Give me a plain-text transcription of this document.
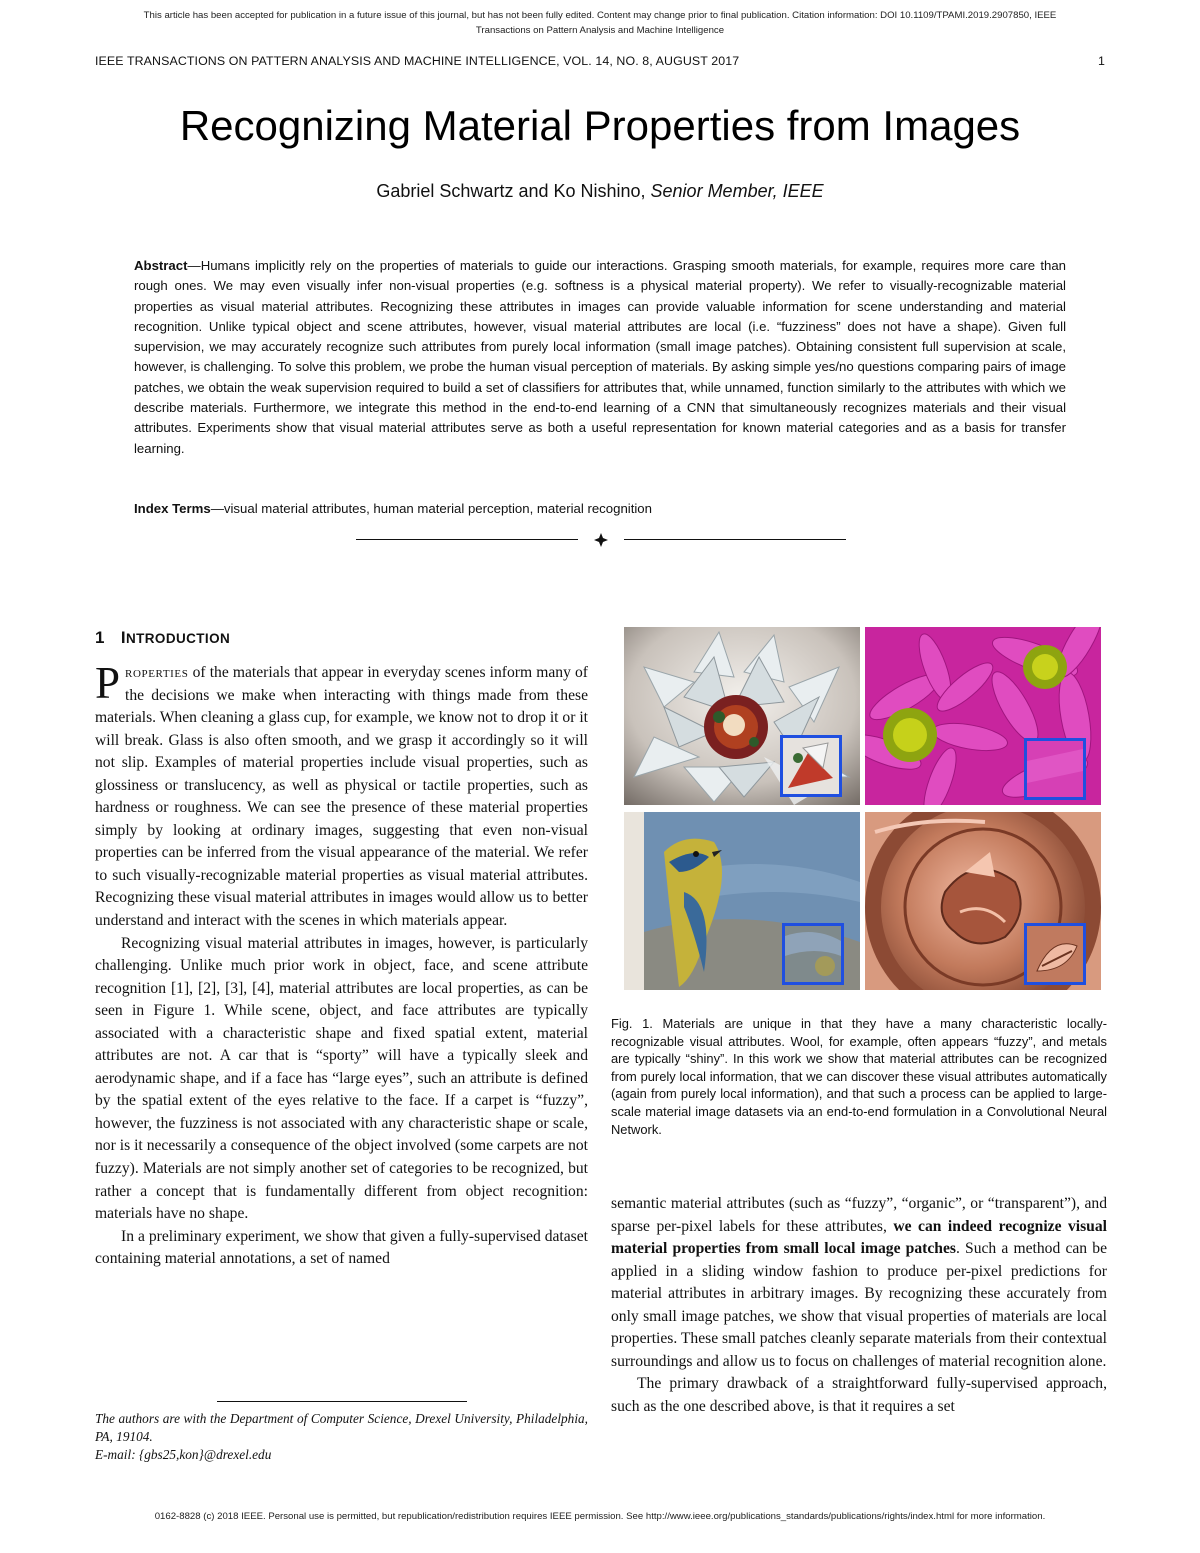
This article has been accepted for publication in a future issue of this journal, but has not been fully edited. Content may change prior to final publication. Citation information: DOI 10.1109/TPAMI.2019.2907850, IEEE
Transactions on Pattern Analysis and Machine Intelligence
IEEE TRANSACTIONS ON PATTERN ANALYSIS AND MACHINE INTELLIGENCE, VOL. 14, NO. 8, AUGUST 2017	1
Recognizing Material Properties from Images
Gabriel Schwartz and Ko Nishino, Senior Member, IEEE
Abstract—Humans implicitly rely on the properties of materials to guide our interactions. Grasping smooth materials, for example, requires more care than rough ones. We may even visually infer non-visual properties (e.g. softness is a physical material property). We refer to visually-recognizable material properties as visual material attributes. Recognizing these attributes in images can provide valuable information for scene understanding and material recognition. Unlike typical object and scene attributes, however, visual material attributes are local (i.e. “fuzziness” does not have a shape). Given full supervision, we may accurately recognize such attributes from purely local information (small image patches). Obtaining consistent full supervision at scale, however, is challenging. To solve this problem, we probe the human visual perception of materials. By asking simple yes/no questions comparing pairs of image patches, we obtain the weak supervision required to build a set of classifiers for attributes that, while unnamed, function similarly to the attributes with which we describe materials. Furthermore, we integrate this method in the end-to-end learning of a CNN that simultaneously recognizes materials and their visual attributes. Experiments show that visual material attributes serve as both a useful representation for known material categories and as a basis for transfer learning.
Index Terms—visual material attributes, human material perception, material recognition
1 INTRODUCTION

Properties of the materials that appear in everyday scenes inform many of the decisions we make when interacting with things made from these materials. When cleaning a glass cup, for example, we know not to drop it or it will break. Glass is also often smooth, and we grasp it accordingly so it will not slip. Examples of material properties include visual properties, such as glossiness or translucency, as well as physical or tactile properties, such as hardness or roughness. We can see the presence of these material properties simply by looking at ordinary images, suggesting that even non-visual properties can be inferred from the visual appearance of the material. We refer to such visually-recognizable material properties as visual material attributes. Recognizing these visual material attributes in images would allow us to better understand and interact with the scenes in which materials appear.

Recognizing visual material attributes in images, however, is particularly challenging. Unlike much prior work in object, face, and scene attribute recognition [1], [2], [3], [4], material attributes are local properties, as can be seen in Figure 1. While scene, object, and face attributes are typically associated with a characteristic shape and fixed spatial extent, material attributes are not. A car that is “sporty” will have a typically sleek and aerodynamic shape, and if a face has “large eyes”, such an attribute is defined by the spatial extent of the eyes relative to the face. If a carpet is “fuzzy”, however, the fuzziness is not associated with any characteristic shape or scale, nor is it necessarily a consequence of the object involved (some carpets are not fuzzy). Materials are not simply another set of categories to be recognized, but rather a concept that is fundamentally different from object recognition: materials have no shape.

In a preliminary experiment, we show that given a fully-supervised dataset containing material annotations, a set of named

The authors are with the Department of Computer Science, Drexel University, Philadelphia, PA, 19104.
E-mail: {gbs25,kon}@drexel.edu
Fig. 1. Materials are unique in that they have a many characteristic locally-recognizable visual attributes. Wool, for example, often appears “fuzzy”, and metals are typically “shiny”. In this work we show that material attributes can be recognized from purely local information, that we can discover these visual attributes automatically (again from purely local information), and that such a process can be applied to large-scale material image datasets via an end-to-end formulation in a Convolutional Neural Network.

semantic material attributes (such as “fuzzy”, “organic”, or “transparent”), and sparse per-pixel labels for these attributes, we can indeed recognize visual material properties from small local image patches. Such a method can be applied in a sliding window fashion to produce per-pixel predictions for material attributes in arbitrary images. By recognizing these accurately from only small image patches, we show that visual properties of materials are local properties. These small patches cleanly separate materials from their contextual surroundings and allow us to focus on challenges of material recognition alone.

The primary drawback of a straightforward fully-supervised approach, such as the one described above, is that it requires a set

0162-8828 (c) 2018 IEEE. Personal use is permitted, but republication/redistribution requires IEEE permission. See http://www.ieee.org/publications_standards/publications/rights/index.html for more information.
